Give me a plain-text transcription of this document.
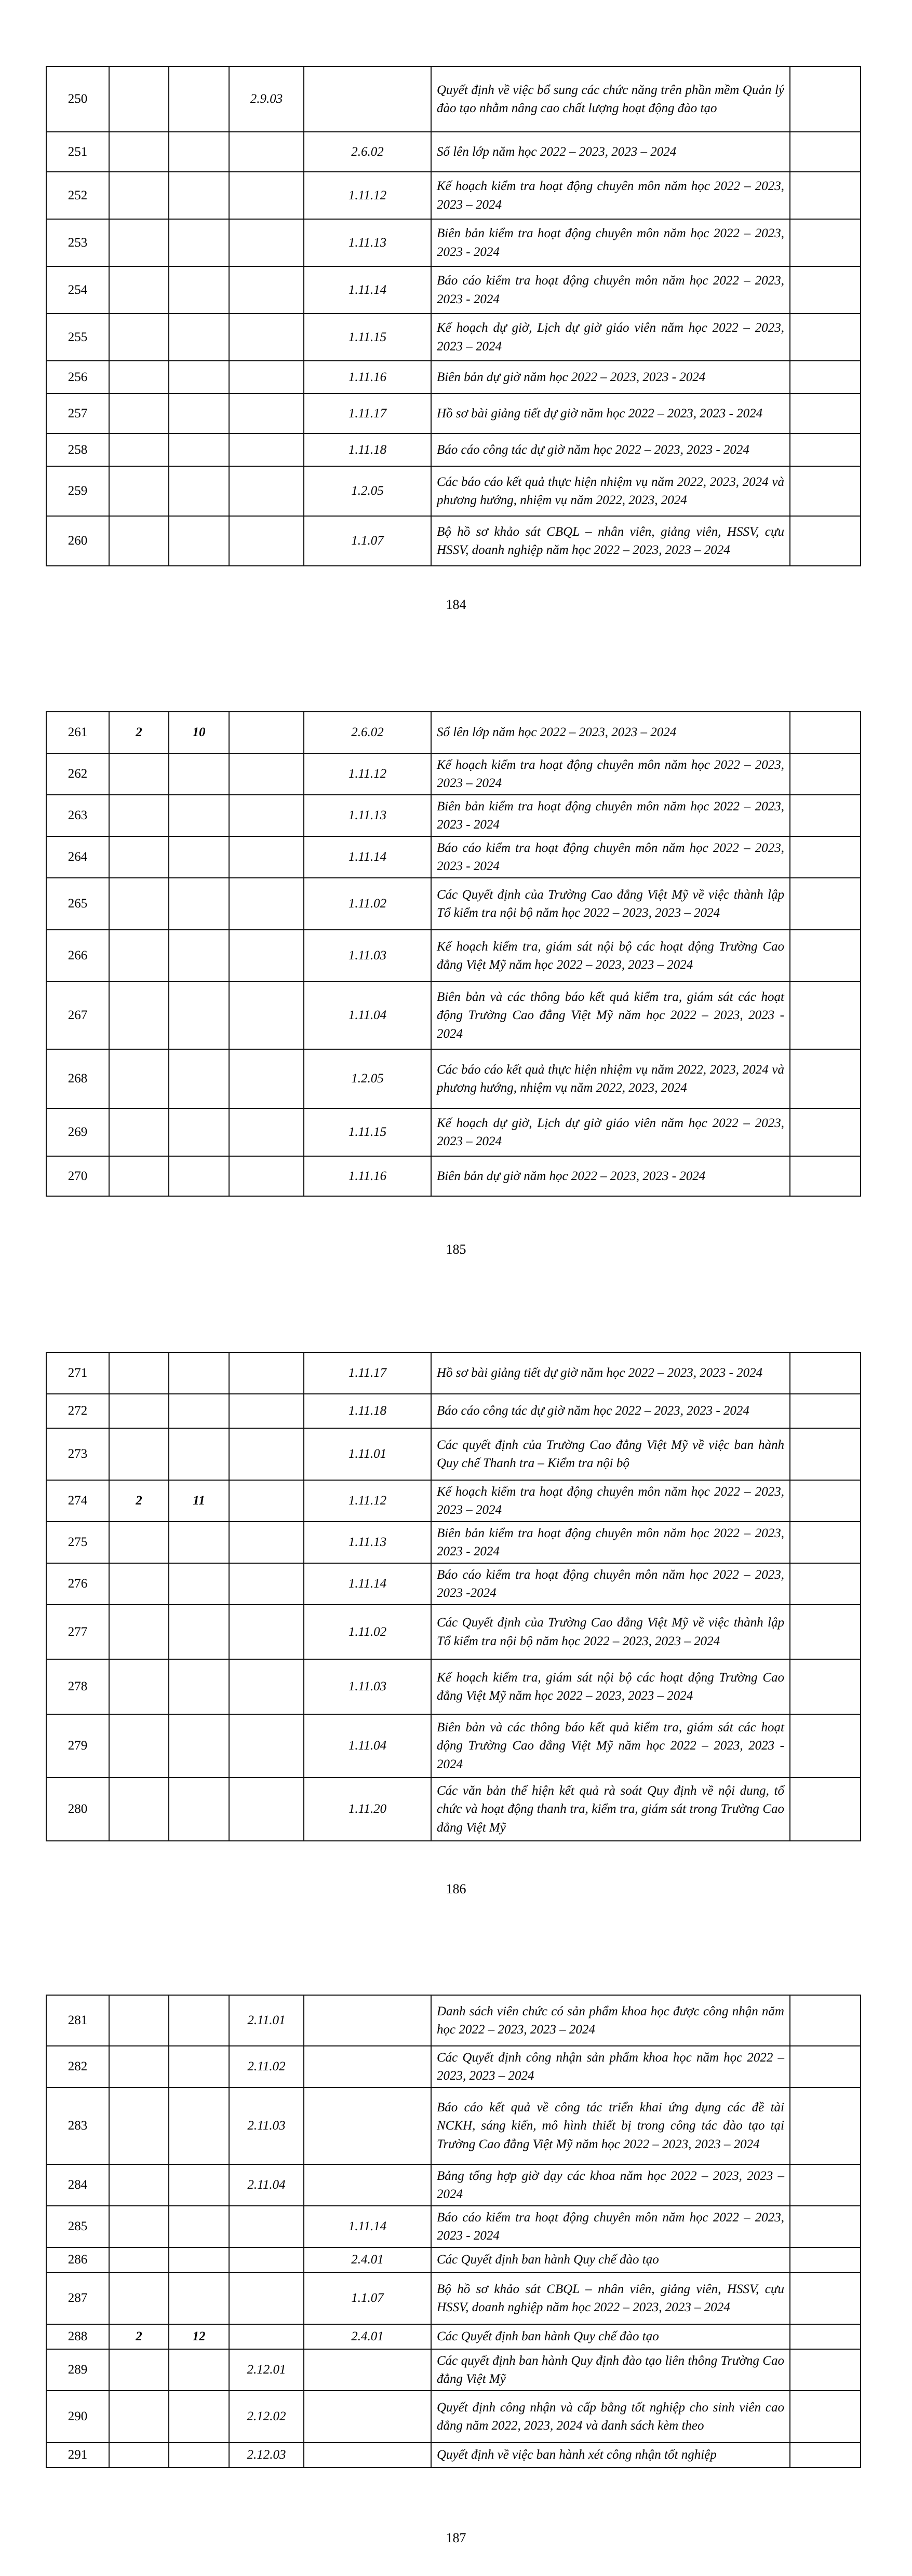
250			2.9.03		Quyết định về việc bổ sung các chức năng trên phần mềm Quản lý đào tạo nhằm nâng cao chất lượng hoạt động đào tạo	
251				2.6.02	Sổ lên lớp năm học 2022 – 2023, 2023 – 2024	
252				1.11.12	Kế hoạch kiểm tra hoạt động chuyên môn năm học 2022 – 2023, 2023 – 2024	
253				1.11.13	Biên bản kiểm tra hoạt động chuyên môn năm học 2022 – 2023, 2023 - 2024	
254				1.11.14	Báo cáo kiểm tra hoạt động chuyên môn năm học 2022 – 2023, 2023 - 2024	
255				1.11.15	Kế hoạch dự giờ, Lịch dự giờ giáo viên năm học 2022 – 2023, 2023 – 2024	
256				1.11.16	Biên bản dự giờ năm học 2022 – 2023, 2023 - 2024	
257				1.11.17	Hồ sơ bài giảng tiết dự giờ năm học 2022 – 2023, 2023 - 2024	
258				1.11.18	Báo cáo công tác dự giờ năm học 2022 – 2023, 2023 - 2024	
259				1.2.05	Các báo cáo kết quả thực hiện nhiệm vụ năm 2022, 2023, 2024 và phương hướng, nhiệm vụ năm 2022, 2023, 2024	
260				1.1.07	Bộ hồ sơ khảo sát CBQL – nhân viên, giảng viên, HSSV, cựu HSSV, doanh nghiệp năm học 2022 – 2023, 2023 – 2024	
184
261	2	10		2.6.02	Sổ lên lớp năm học 2022 – 2023, 2023 – 2024	
262				1.11.12	Kế hoạch kiểm tra hoạt động chuyên môn năm học 2022 – 2023, 2023 – 2024	
263				1.11.13	Biên bản kiểm tra hoạt động chuyên môn năm học 2022 – 2023, 2023 - 2024	
264				1.11.14	Báo cáo kiểm tra hoạt động chuyên môn năm học 2022 – 2023, 2023 - 2024	
265				1.11.02	Các Quyết định của Trường Cao đẳng Việt Mỹ về việc thành lập Tổ kiểm tra nội bộ năm học 2022 – 2023, 2023 – 2024	
266				1.11.03	Kế hoạch kiểm tra, giám sát nội bộ các hoạt động Trường Cao đẳng Việt Mỹ năm học 2022 – 2023, 2023 – 2024	
267				1.11.04	Biên bản và các thông báo kết quả kiểm tra, giám sát các hoạt động Trường Cao đẳng Việt Mỹ năm học 2022 – 2023, 2023 - 2024	
268				1.2.05	Các báo cáo kết quả thực hiện nhiệm vụ năm 2022, 2023, 2024 và phương hướng, nhiệm vụ năm 2022, 2023, 2024	
269				1.11.15	Kế hoạch dự giờ, Lịch dự giờ giáo viên năm học 2022 – 2023, 2023 – 2024	
270				1.11.16	Biên bản dự giờ năm học 2022 – 2023, 2023 - 2024	
185
271				1.11.17	Hồ sơ bài giảng tiết dự giờ năm học 2022 – 2023, 2023 - 2024	
272				1.11.18	Báo cáo công tác dự giờ năm học 2022 – 2023, 2023 - 2024	
273				1.11.01	Các quyết định của Trường Cao đẳng Việt Mỹ về việc ban hành Quy chế Thanh tra – Kiểm tra nội bộ	
274	2	11		1.11.12	Kế hoạch kiểm tra hoạt động chuyên môn năm học 2022 – 2023, 2023 – 2024	
275				1.11.13	Biên bản kiểm tra hoạt động chuyên môn năm học 2022 – 2023, 2023 - 2024	
276				1.11.14	Báo cáo kiểm tra hoạt động chuyên môn năm học 2022 – 2023, 2023 -2024	
277				1.11.02	Các Quyết định của Trường Cao đẳng Việt Mỹ về việc thành lập Tổ kiểm tra nội bộ năm học 2022 – 2023, 2023 – 2024	
278				1.11.03	Kế hoạch kiểm tra, giám sát nội bộ các hoạt động Trường Cao đẳng Việt Mỹ năm học 2022 – 2023, 2023 – 2024	
279				1.11.04	Biên bản và các thông báo kết quả kiểm tra, giám sát các hoạt động Trường Cao đẳng Việt Mỹ năm học 2022 – 2023, 2023 - 2024	
280				1.11.20	Các văn bản thể hiện kết quả rà soát Quy định về nội dung, tổ chức và hoạt động thanh tra, kiểm tra, giám sát trong Trường Cao đẳng Việt Mỹ	
186
281			2.11.01		Danh sách viên chức có sản phẩm khoa học được công nhận năm học 2022 – 2023, 2023 – 2024	
282			2.11.02		Các Quyết định công nhận sản phẩm khoa học năm học 2022 – 2023, 2023 – 2024	
283			2.11.03		Báo cáo kết quả về công tác triển khai ứng dụng các đề tài NCKH, sáng kiến, mô hình thiết bị trong công tác đào tạo tại Trường Cao đẳng Việt Mỹ năm học 2022 – 2023, 2023 – 2024	
284			2.11.04		Bảng tổng hợp giờ dạy các khoa năm học 2022 – 2023, 2023 – 2024	
285				1.11.14	Báo cáo kiểm tra hoạt động chuyên môn năm học 2022 – 2023, 2023 - 2024	
286				2.4.01	Các Quyết định ban hành Quy chế đào tạo	
287				1.1.07	Bộ hồ sơ khảo sát CBQL – nhân viên, giảng viên, HSSV, cựu HSSV, doanh nghiệp năm học 2022 – 2023, 2023 – 2024	
288	2	12		2.4.01	Các Quyết định ban hành Quy chế đào tạo	
289			2.12.01		Các quyết định ban hành Quy định đào tạo liên thông Trường Cao đẳng Việt Mỹ	
290			2.12.02		Quyết định công nhận và cấp bằng tốt nghiệp cho sinh viên cao đẳng năm 2022, 2023, 2024 và danh sách kèm theo	
291			2.12.03		Quyết định về việc ban hành xét công nhận tốt nghiệp	
187
